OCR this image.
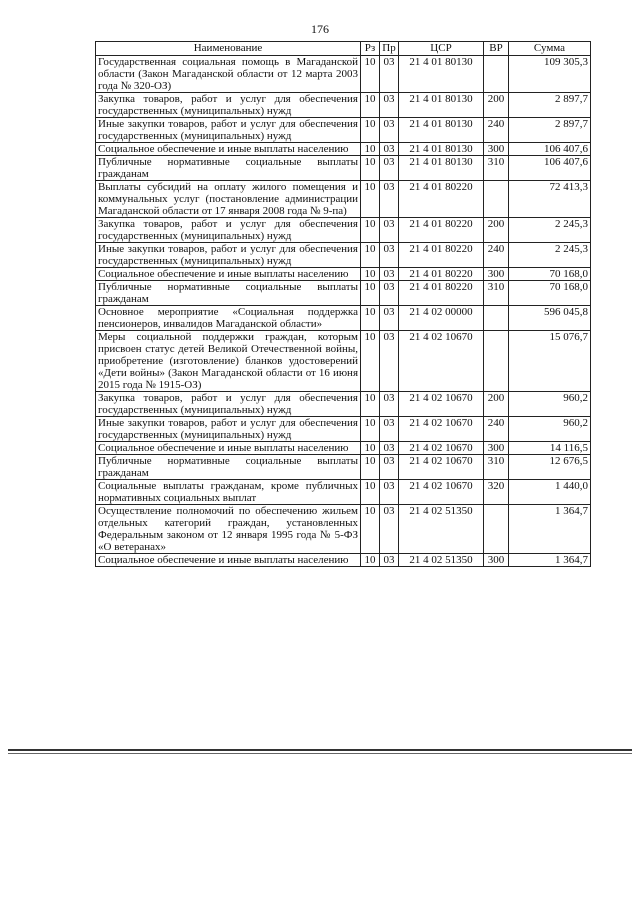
176
Наименование	Рз	Пр	ЦСР	ВР	Сумма
Государственная социальная помощь в Магаданской области (Закон Магаданской области от 12 марта 2003 года № 320-ОЗ)	10	03	21 4 01 80130		109 305,3
Закупка товаров, работ и услуг для обеспечения государственных (муниципальных) нужд	10	03	21 4 01 80130	200	2 897,7
Иные закупки товаров, работ и услуг для обеспечения государственных (муниципальных) нужд	10	03	21 4 01 80130	240	2 897,7
Социальное обеспечение и иные выплаты населению	10	03	21 4 01 80130	300	106 407,6
Публичные нормативные социальные выплаты гражданам	10	03	21 4 01 80130	310	106 407,6
Выплаты субсидий на оплату жилого помещения и коммунальных услуг (постановление администрации Магаданской области от 17 января 2008 года № 9-па)	10	03	21 4 01 80220		72 413,3
Закупка товаров, работ и услуг для обеспечения государственных (муниципальных) нужд	10	03	21 4 01 80220	200	2 245,3
Иные закупки товаров, работ и услуг для обеспечения государственных (муниципальных) нужд	10	03	21 4 01 80220	240	2 245,3
Социальное обеспечение и иные выплаты населению	10	03	21 4 01 80220	300	70 168,0
Публичные нормативные социальные выплаты гражданам	10	03	21 4 01 80220	310	70 168,0
Основное мероприятие «Социальная поддержка пенсионеров, инвалидов Магаданской области»	10	03	21 4 02 00000		596 045,8
Меры социальной поддержки граждан, которым присвоен статус детей Великой Отечественной войны, приобретение (изготовление) бланков удостоверений «Дети войны» (Закон Магаданской области от 16 июня 2015 года № 1915-ОЗ)	10	03	21 4 02 10670		15 076,7
Закупка товаров, работ и услуг для обеспечения государственных (муниципальных) нужд	10	03	21 4 02 10670	200	960,2
Иные закупки товаров, работ и услуг для обеспечения государственных (муниципальных) нужд	10	03	21 4 02 10670	240	960,2
Социальное обеспечение и иные выплаты населению	10	03	21 4 02 10670	300	14 116,5
Публичные нормативные социальные выплаты гражданам	10	03	21 4 02 10670	310	12 676,5
Социальные выплаты гражданам, кроме публичных нормативных социальных выплат	10	03	21 4 02 10670	320	1 440,0
Осуществление полномочий по обеспечению жильем отдельных категорий граждан, установленных Федеральным законом от 12 января 1995 года № 5-ФЗ «О ветеранах»	10	03	21 4 02 51350		1 364,7
Социальное обеспечение и иные выплаты населению	10	03	21 4 02 51350	300	1 364,7
